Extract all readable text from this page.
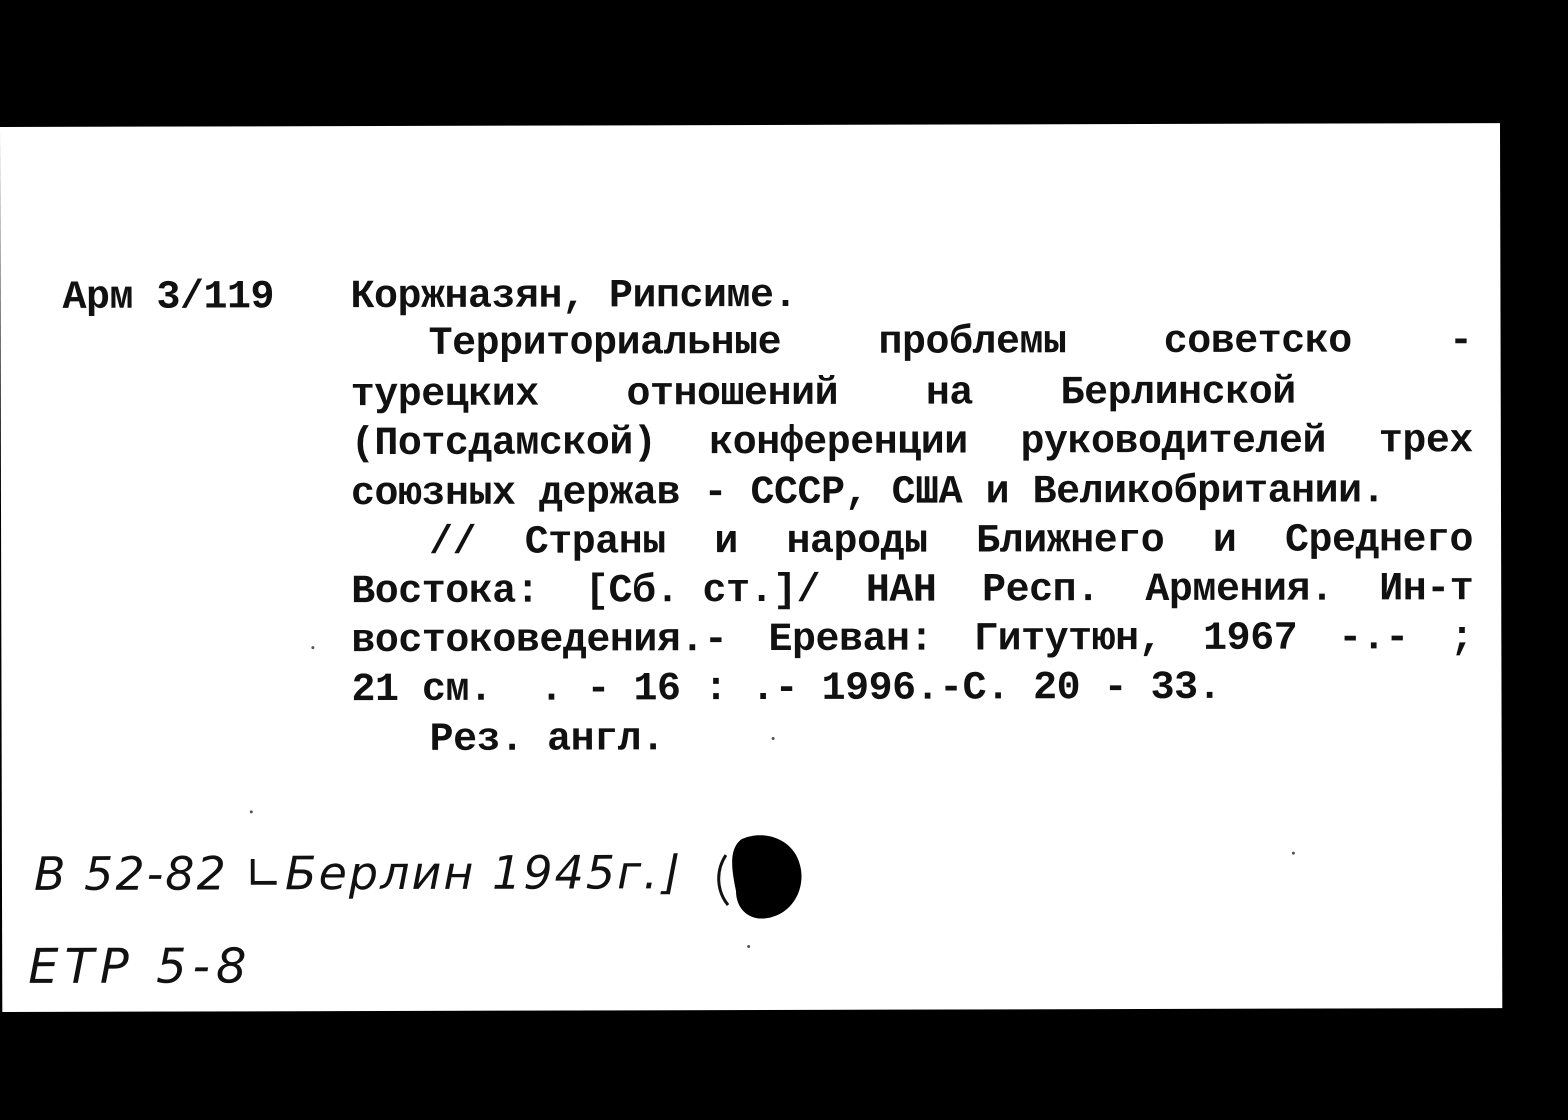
Арм 3/119 Коржназян, Рипсиме.
Территориальные проблемы советско -
турецких отношений на Берлинской
(Потсдамской) конференции руководителей трех
союзных держав - СССР, США и Великобритании.
// Страны и народы Ближнего и Среднего
Востока: [Сб. ст.]/ НАН Респ. Армения. Ин-т
востоковедения.- Ереван: Гитутюн, 1967 -.- ;
21 см.  . - 16 : .- 1996.-С. 20 - 33.
Рез. англ.
B 52-82 ∟Берлин 1945г.⌋
ETP 5-8
